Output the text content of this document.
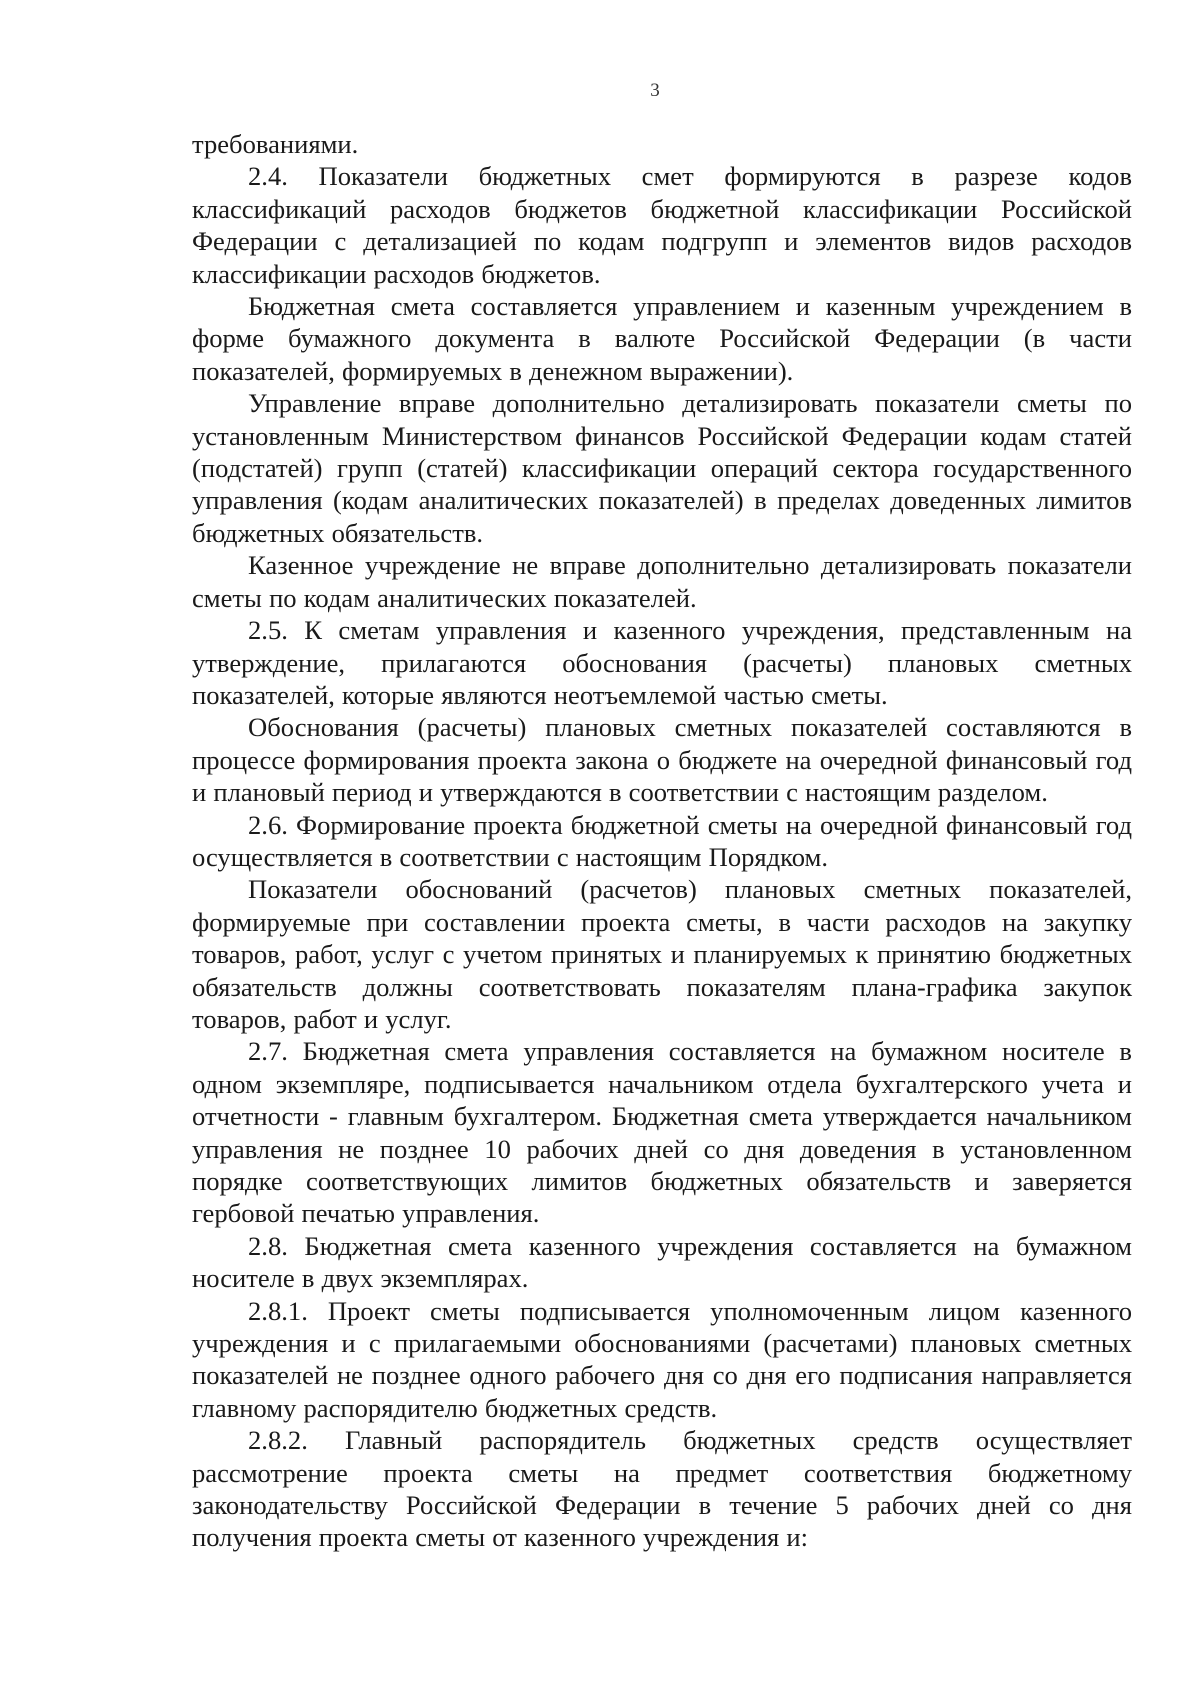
3

требованиями.

2.4. Показатели бюджетных смет формируются в разрезе кодов классификаций расходов бюджетов бюджетной классификации Российской Федерации с детализацией по кодам подгрупп и элементов видов расходов классификации расходов бюджетов.

Бюджетная смета составляется управлением и казенным учреждением в форме бумажного документа в валюте Российской Федерации (в части показателей, формируемых в денежном выражении).

Управление вправе дополнительно детализировать показатели сметы по установленным Министерством финансов Российской Федерации кодам статей (подстатей) групп (статей) классификации операций сектора государственного управления (кодам аналитических показателей) в пределах доведенных лимитов бюджетных обязательств.

Казенное учреждение не вправе дополнительно детализировать показатели сметы по кодам аналитических показателей.

2.5. К сметам управления и казенного учреждения, представленным на утверждение, прилагаются обоснования (расчеты) плановых сметных показателей, которые являются неотъемлемой частью сметы.

Обоснования (расчеты) плановых сметных показателей составляются в процессе формирования проекта закона о бюджете на очередной финансовый год и плановый период и утверждаются в соответствии с настоящим разделом.

2.6. Формирование проекта бюджетной сметы на очередной финансовый год осуществляется в соответствии с настоящим Порядком.

Показатели обоснований (расчетов) плановых сметных показателей, формируемые при составлении проекта сметы, в части расходов на закупку товаров, работ, услуг с учетом принятых и планируемых к принятию бюджетных обязательств должны соответствовать показателям плана-графика закупок товаров, работ и услуг.

2.7. Бюджетная смета управления составляется на бумажном носителе в одном экземпляре, подписывается начальником отдела бухгалтерского учета и отчетности - главным бухгалтером. Бюджетная смета утверждается начальником управления не позднее 10 рабочих дней со дня доведения в установленном порядке соответствующих лимитов бюджетных обязательств и заверяется гербовой печатью управления.

2.8. Бюджетная смета казенного учреждения составляется на бумажном носителе в двух экземплярах.

2.8.1. Проект сметы подписывается уполномоченным лицом казенного учреждения и с прилагаемыми обоснованиями (расчетами) плановых сметных показателей не позднее одного рабочего дня со дня его подписания направляется главному распорядителю бюджетных средств.

2.8.2. Главный распорядитель бюджетных средств осуществляет рассмотрение проекта сметы на предмет соответствия бюджетному законодательству Российской Федерации в течение 5 рабочих дней со дня получения проекта сметы от казенного учреждения и:
